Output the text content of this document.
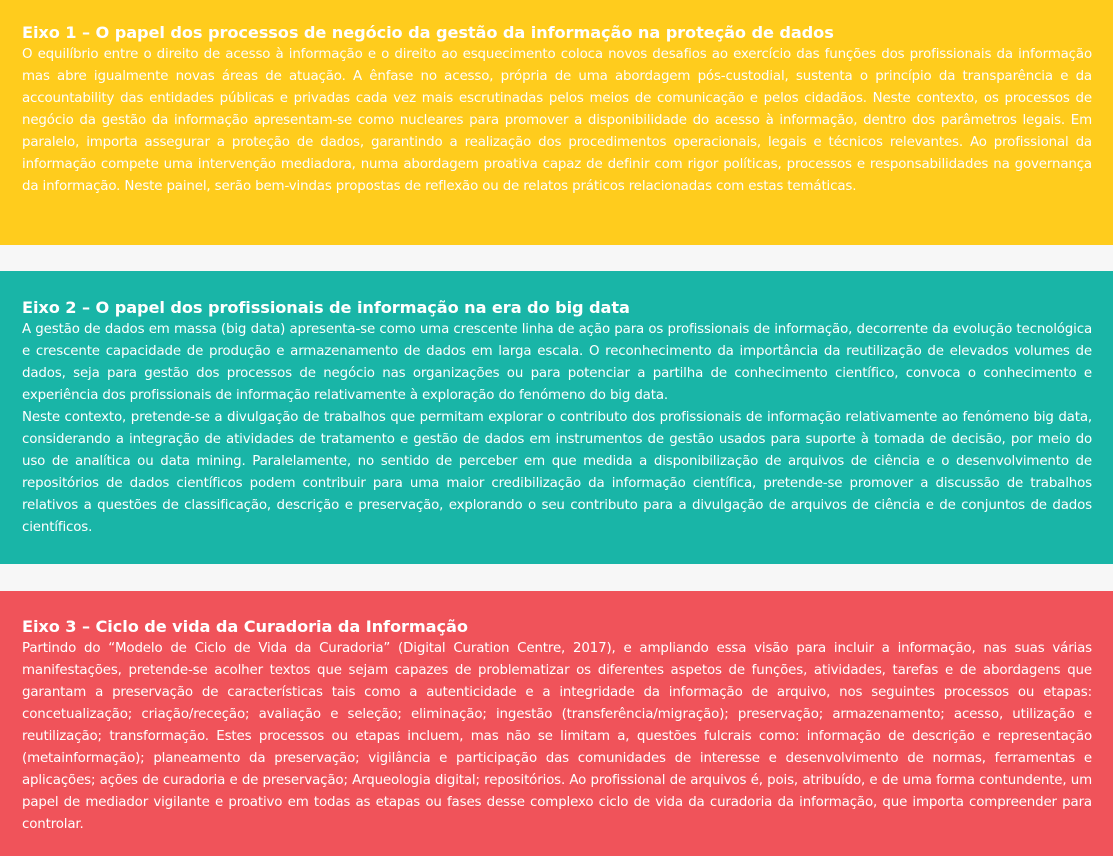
Eixo 1 – O papel dos processos de negócio da gestão da informação na proteção de dados

O equilíbrio entre o direito de acesso à informação e o direito ao esquecimento coloca novos desafios ao exercício das funções dos profissionais da informação mas abre igualmente novas áreas de atuação. A ênfase no acesso, própria de uma abordagem pós-custodial, sustenta o princípio da transparência e da accountability das entidades públicas e privadas cada vez mais escrutinadas pelos meios de comunicação e pelos cidadãos. Neste contexto, os processos de negócio da gestão da informação apresentam-se como nucleares para promover a disponibilidade do acesso à informação, dentro dos parâmetros legais. Em paralelo, importa assegurar a proteção de dados, garantindo a realização dos procedimentos operacionais, legais e técnicos relevantes. Ao profissional da informação compete uma intervenção mediadora, numa abordagem proativa capaz de definir com rigor políticas, processos e responsabilidades na governança da informação. Neste painel, serão bem-vindas propostas de reflexão ou de relatos práticos relacionadas com estas temáticas.

Eixo 2 – O papel dos profissionais de informação na era do big data

A gestão de dados em massa (big data) apresenta-se como uma crescente linha de ação para os profissionais de informação, decorrente da evolução tecnológica e crescente capacidade de produção e armazenamento de dados em larga escala. O reconhecimento da importância da reutilização de elevados volumes de dados, seja para gestão dos processos de negócio nas organizações ou para potenciar a partilha de conhecimento científico, convoca o conhecimento e experiência dos profissionais de informação relativamente à exploração do fenómeno do big data.

Neste contexto, pretende-se a divulgação de trabalhos que permitam explorar o contributo dos profissionais de informação relativamente ao fenómeno big data, considerando a integração de atividades de tratamento e gestão de dados em instrumentos de gestão usados para suporte à tomada de decisão, por meio do uso de analítica ou data mining. Paralelamente, no sentido de perceber em que medida a disponibilização de arquivos de ciência e o desenvolvimento de repositórios de dados científicos podem contribuir para uma maior credibilização da informação científica, pretende-se promover a discussão de trabalhos relativos a questões de classificação, descrição e preservação, explorando o seu contributo para a divulgação de arquivos de ciência e de conjuntos de dados científicos.

Eixo 3 – Ciclo de vida da Curadoria da Informação

Partindo do “Modelo de Ciclo de Vida da Curadoria” (Digital Curation Centre, 2017), e ampliando essa visão para incluir a informação, nas suas várias manifestações, pretende-se acolher textos que sejam capazes de problematizar os diferentes aspetos de funções, atividades, tarefas e de abordagens que garantam a preservação de características tais como a autenticidade e a integridade da informação de arquivo, nos seguintes processos ou etapas: concetualização; criação/receção; avaliação e seleção; eliminação; ingestão (transferência/migração); preservação; armazenamento; acesso, utilização e reutilização; transformação. Estes processos ou etapas incluem, mas não se limitam a, questões fulcrais como: informação de descrição e representação (metainformação); planeamento da preservação; vigilância e participação das comunidades de interesse e desenvolvimento de normas, ferramentas e aplicações; ações de curadoria e de preservação; Arqueologia digital; repositórios. Ao profissional de arquivos é, pois, atribuído, e de uma forma contundente, um papel de mediador vigilante e proativo em todas as etapas ou fases desse complexo ciclo de vida da curadoria da informação, que importa compreender para controlar.
